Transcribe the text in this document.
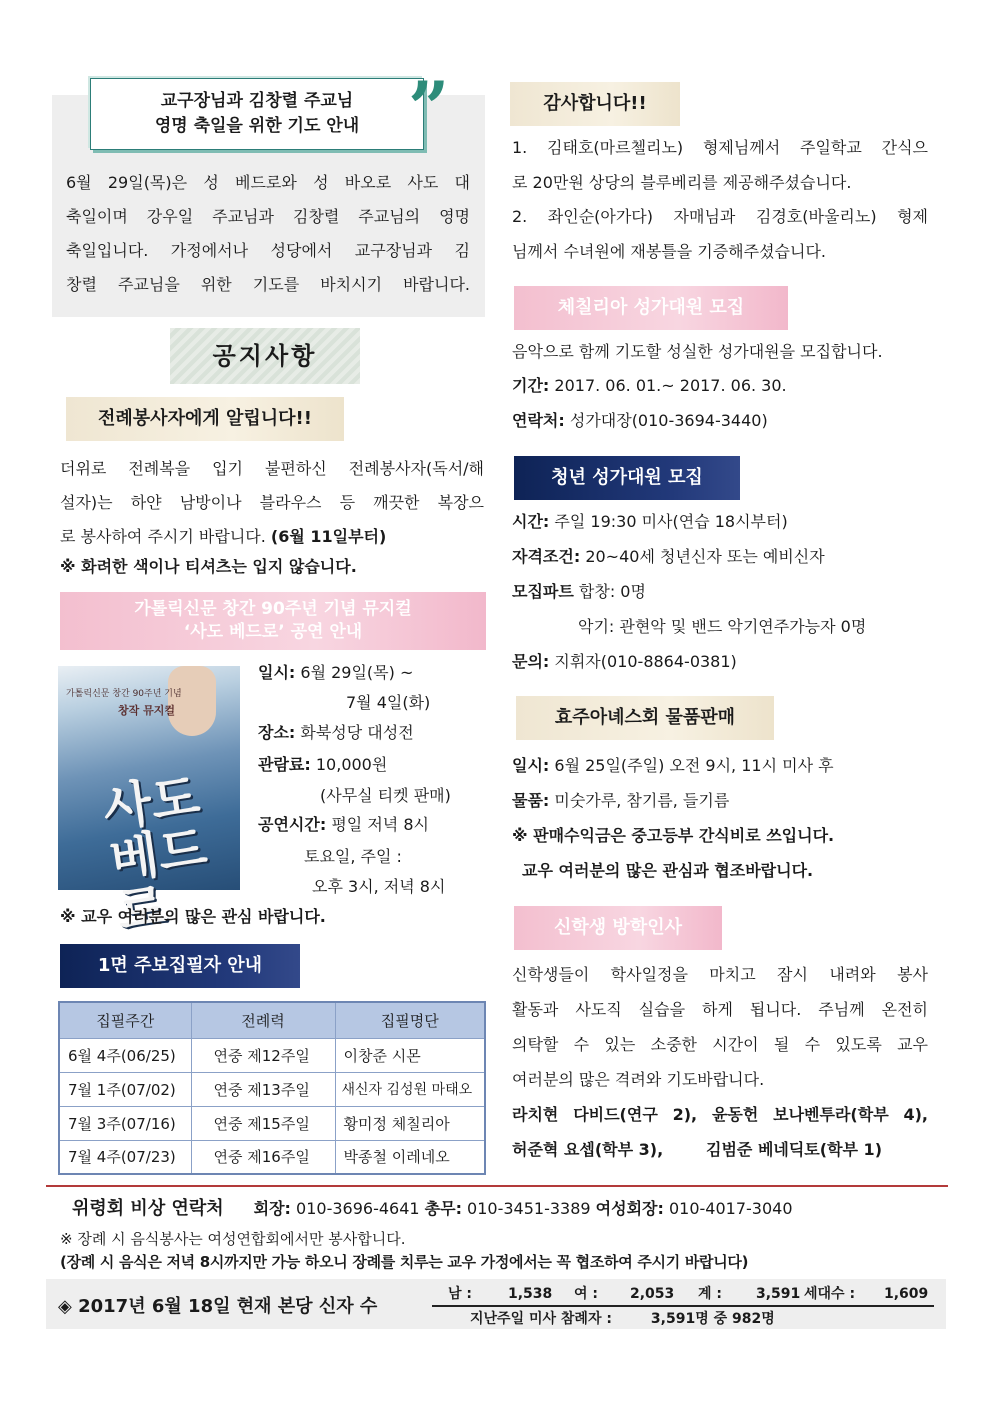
교구장님과 김창렬 주교님
영명 축일을 위한 기도 안내 ”

6월 29일(목)은 성 베드로와 성 바오로 사도 대

축일이며 강우일 주교님과 김창렬 주교님의 영명

축일입니다. 가정에서나 성당에서 교구장님과 김

창렬 주교님을 위한 기도를 바치시기 바랍니다.

공지사항
전례봉사자에게 알립니다!!

더위로 전례복을 입기 불편하신 전례봉사자(독서/해

설자)는 하얀 남방이나 블라우스 등 깨끗한 복장으

로 봉사하여 주시기 바랍니다. (6월 11일부터)

※ 화려한 색이나 티셔츠는 입지 않습니다.

가톨릭신문 창간 90주년 기념 뮤지컬
‘사도 베드로’ 공연 안내
가톨릭신문 창간 90주년 기념
창작 뮤지컬
사도 베드로

일시: 6월 29일(목) ~

7월 4일(화)

장소: 화북성당 대성전

관람료: 10,000원

(사무실 티켓 판매)

공연시간: 평일 저녁 8시

토요일, 주일 :

오후 3시, 저녁 8시

※ 교우 여러분의 많은 관심 바랍니다.

1면 주보집필자 안내
집필주간	전례력	집필명단
6월 4주(06/25)	연중 제12주일	이창준 시몬
7월 1주(07/02)	연중 제13주일	새신자 김성원 마태오
7월 3주(07/16)	연중 제15주일	황미정 체칠리아
7월 4주(07/23)	연중 제16주일	박종철 이레네오
감사합니다!!

1. 김태호(마르첼리노) 형제님께서 주일학교 간식으

로 20만원 상당의 블루베리를 제공해주셨습니다.

2. 좌인순(아가다) 자매님과 김경호(바울리노) 형제

님께서 수녀원에 재봉틀을 기증해주셨습니다.

체칠리아 성가대원 모집

음악으로 함께 기도할 성실한 성가대원을 모집합니다.

기간: 2017. 06. 01.~ 2017. 06. 30.

연락처: 성가대장(010-3694-3440)

청년 성가대원 모집

시간: 주일 19:30 미사(연습 18시부터)

자격조건: 20~40세 청년신자 또는 예비신자

모집파트 합창: 0명

악기: 관현악 및 밴드 악기연주가능자 0명

문의: 지휘자(010-8864-0381)

효주아녜스회 물품판매

일시: 6월 25일(주일) 오전 9시, 11시 미사 후

물품: 미숫가루, 참기름, 들기름

※ 판매수익금은 중고등부 간식비로 쓰입니다.

교우 여러분의 많은 관심과 협조바랍니다.

신학생 방학인사

신학생들이 학사일정을 마치고 잠시 내려와 봉사

활동과 사도직 실습을 하게 됩니다. 주님께 온전히

의탁할 수 있는 소중한 시간이 될 수 있도록 교우

여러분의 많은 격려와 기도바랍니다.

라치현 다비드(연구 2), 윤동헌 보나벤투라(학부 4),

허준혁 요셉(학부 3),	김범준 베네딕토(학부 1)

위령회 비상 연락처 회장: 010-3696-4641 총무: 010-3451-3389 여성회장: 010-4017-3040

※ 장례 시 음식봉사는 여성연합회에서만 봉사합니다.

(장례 시 음식은 저녁 8시까지만 가능 하오니 장례를 치루는 교우 가정에서는 꼭 협조하여 주시기 바랍니다)

◈ 2017년 6월 18일 현재 본당 신자 수

남 :	1,538 여 : 2,053 계 : 3,591 세대수 : 1,609

지난주일 미사 참례자 :        3,591명 중 982명
